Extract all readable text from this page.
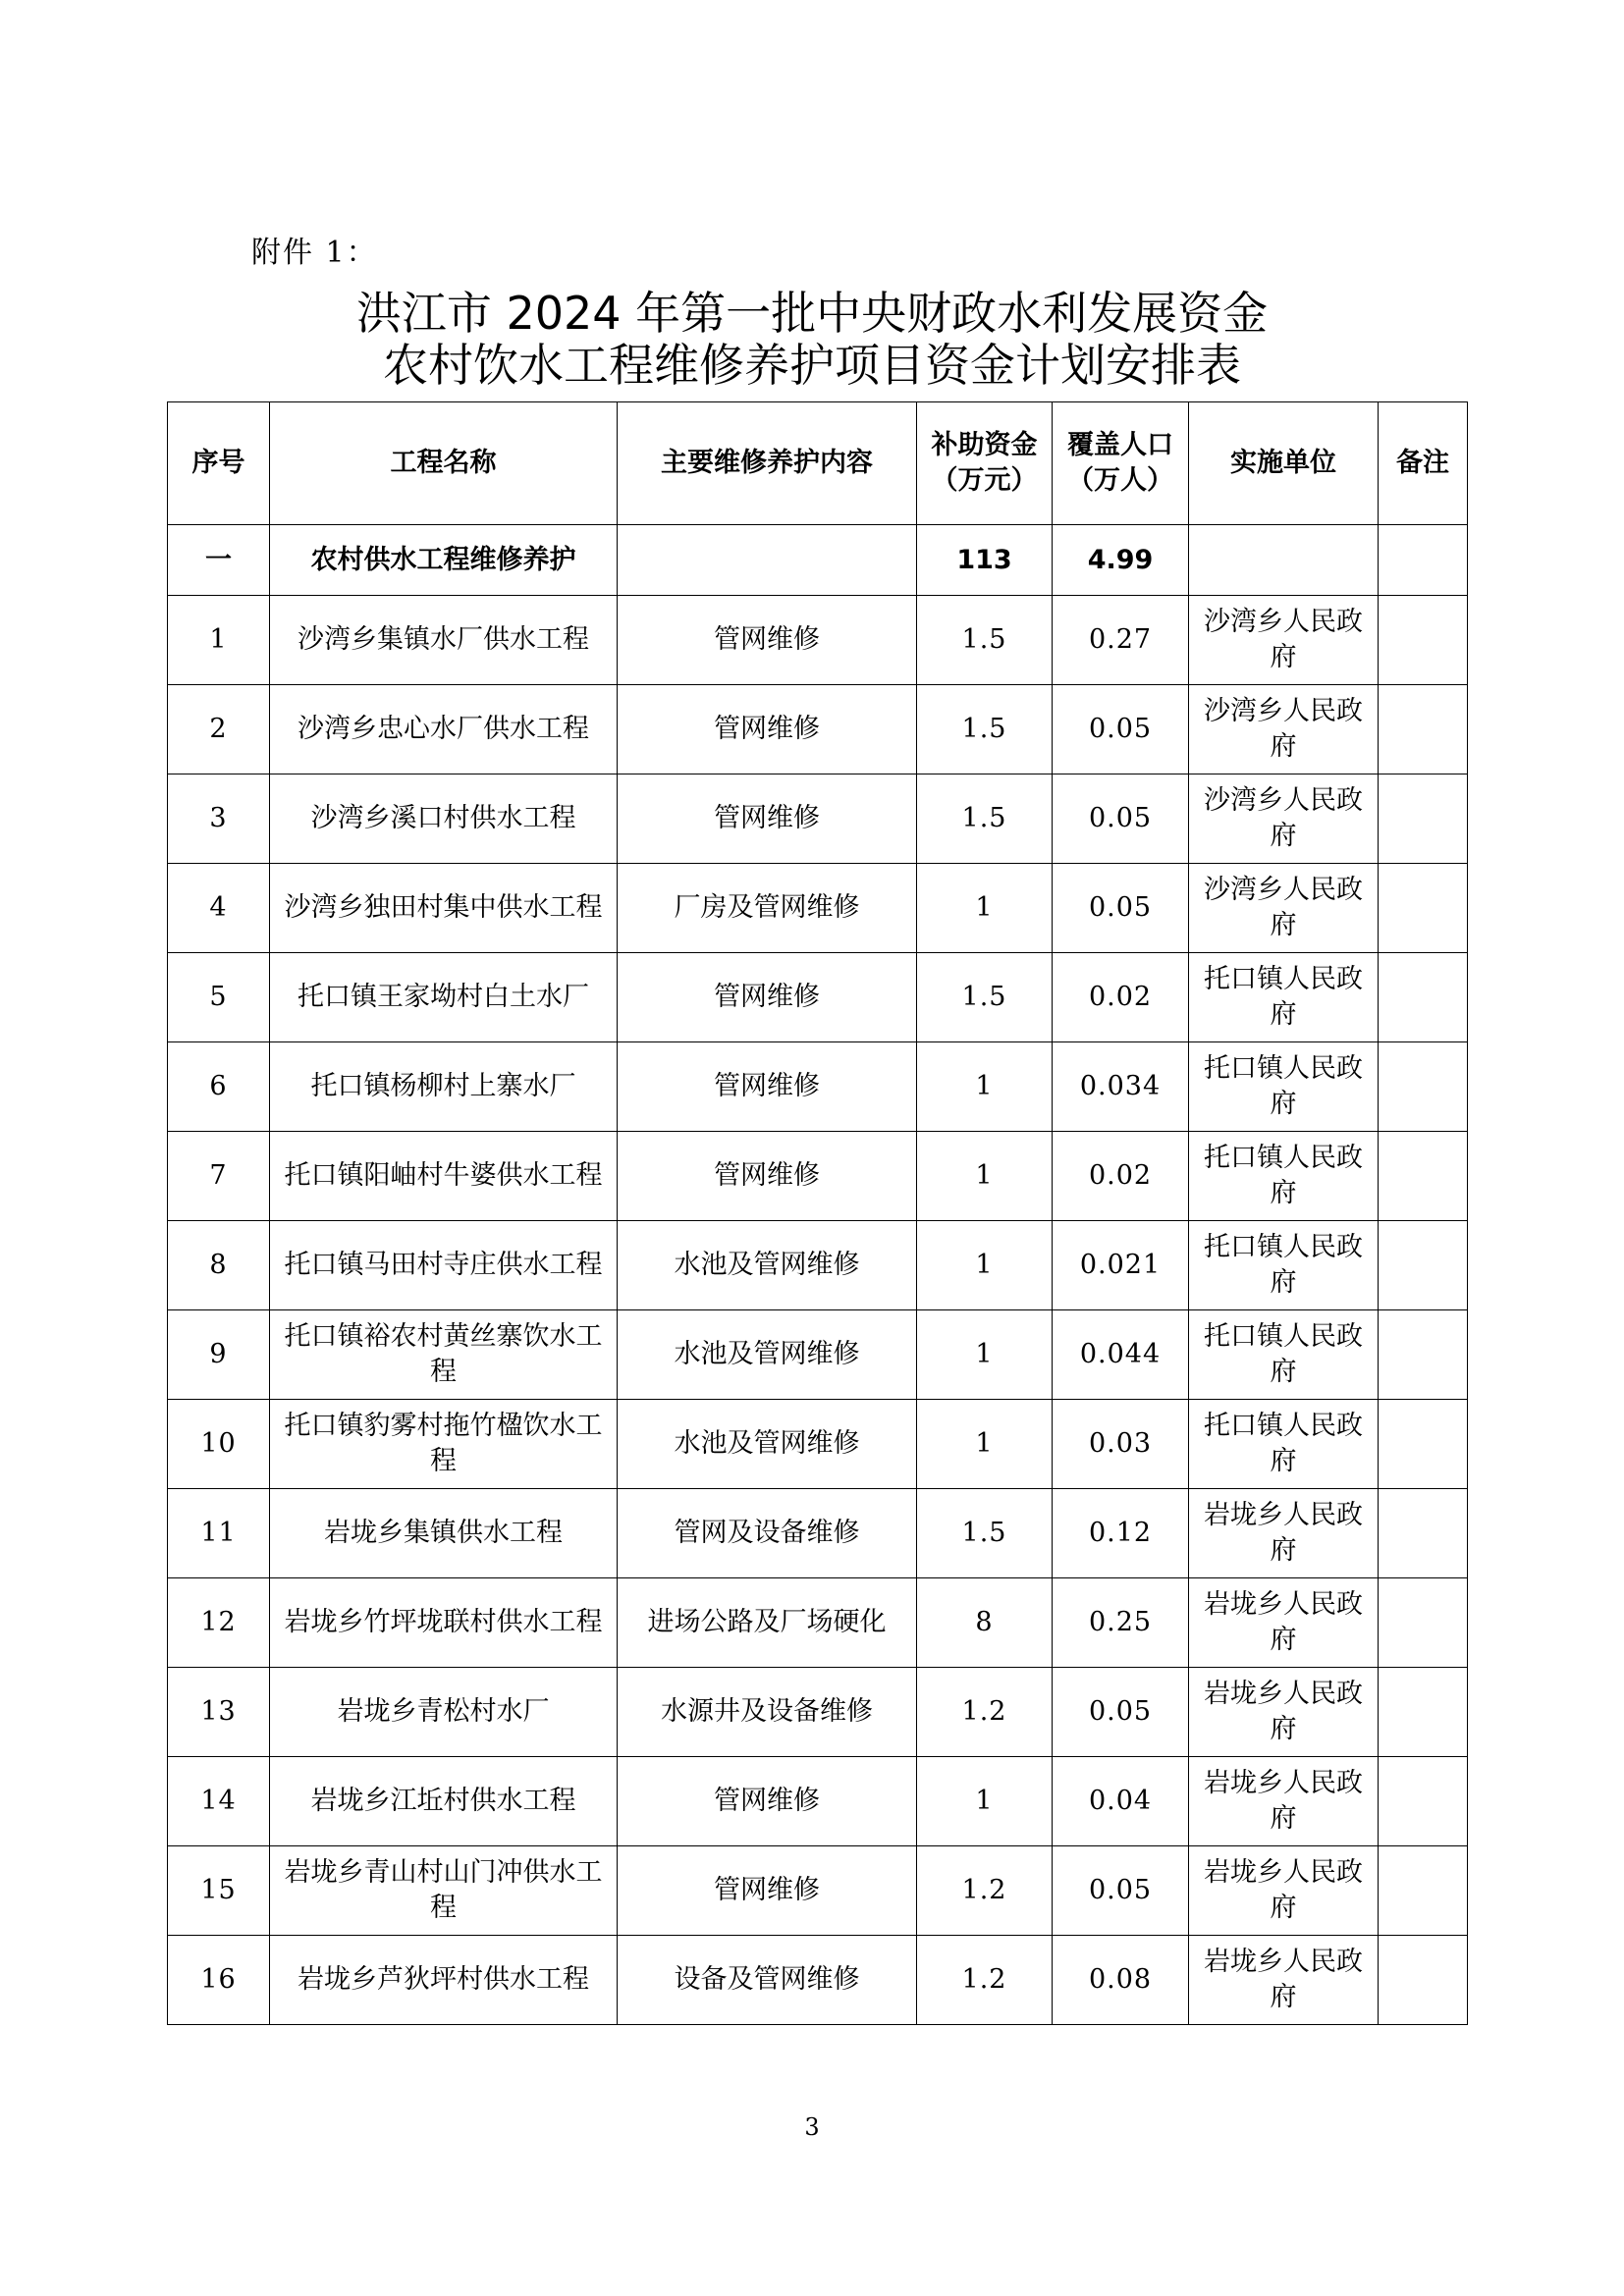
附件 1：
洪江市 2024 年第一批中央财政水利发展资金
农村饮水工程维修养护项目资金计划安排表
序号	工程名称	主要维修养护内容	补助资金（万元）	覆盖人口（万人）	实施单位	备注
一	农村供水工程维修养护		113	4.99		
1	沙湾乡集镇水厂供水工程	管网维修	1.5	0.27	沙湾乡人民政府	
2	沙湾乡忠心水厂供水工程	管网维修	1.5	0.05	沙湾乡人民政府	
3	沙湾乡溪口村供水工程	管网维修	1.5	0.05	沙湾乡人民政府	
4	沙湾乡独田村集中供水工程	厂房及管网维修	1	0.05	沙湾乡人民政府	
5	托口镇王家坳村白土水厂	管网维修	1.5	0.02	托口镇人民政府	
6	托口镇杨柳村上寨水厂	管网维修	1	0.034	托口镇人民政府	
7	托口镇阳岫村牛婆供水工程	管网维修	1	0.02	托口镇人民政府	
8	托口镇马田村寺庄供水工程	水池及管网维修	1	0.021	托口镇人民政府	
9	托口镇裕农村黄丝寨饮水工程	水池及管网维修	1	0.044	托口镇人民政府	
10	托口镇豹雾村拖竹楹饮水工程	水池及管网维修	1	0.03	托口镇人民政府	
11	岩垅乡集镇供水工程	管网及设备维修	1.5	0.12	岩垅乡人民政府	
12	岩垅乡竹坪垅联村供水工程	进场公路及厂场硬化	8	0.25	岩垅乡人民政府	
13	岩垅乡青松村水厂	水源井及设备维修	1.2	0.05	岩垅乡人民政府	
14	岩垅乡江坵村供水工程	管网维修	1	0.04	岩垅乡人民政府	
15	岩垅乡青山村山门冲供水工程	管网维修	1.2	0.05	岩垅乡人民政府	
16	岩垅乡芦狄坪村供水工程	设备及管网维修	1.2	0.08	岩垅乡人民政府	
3
